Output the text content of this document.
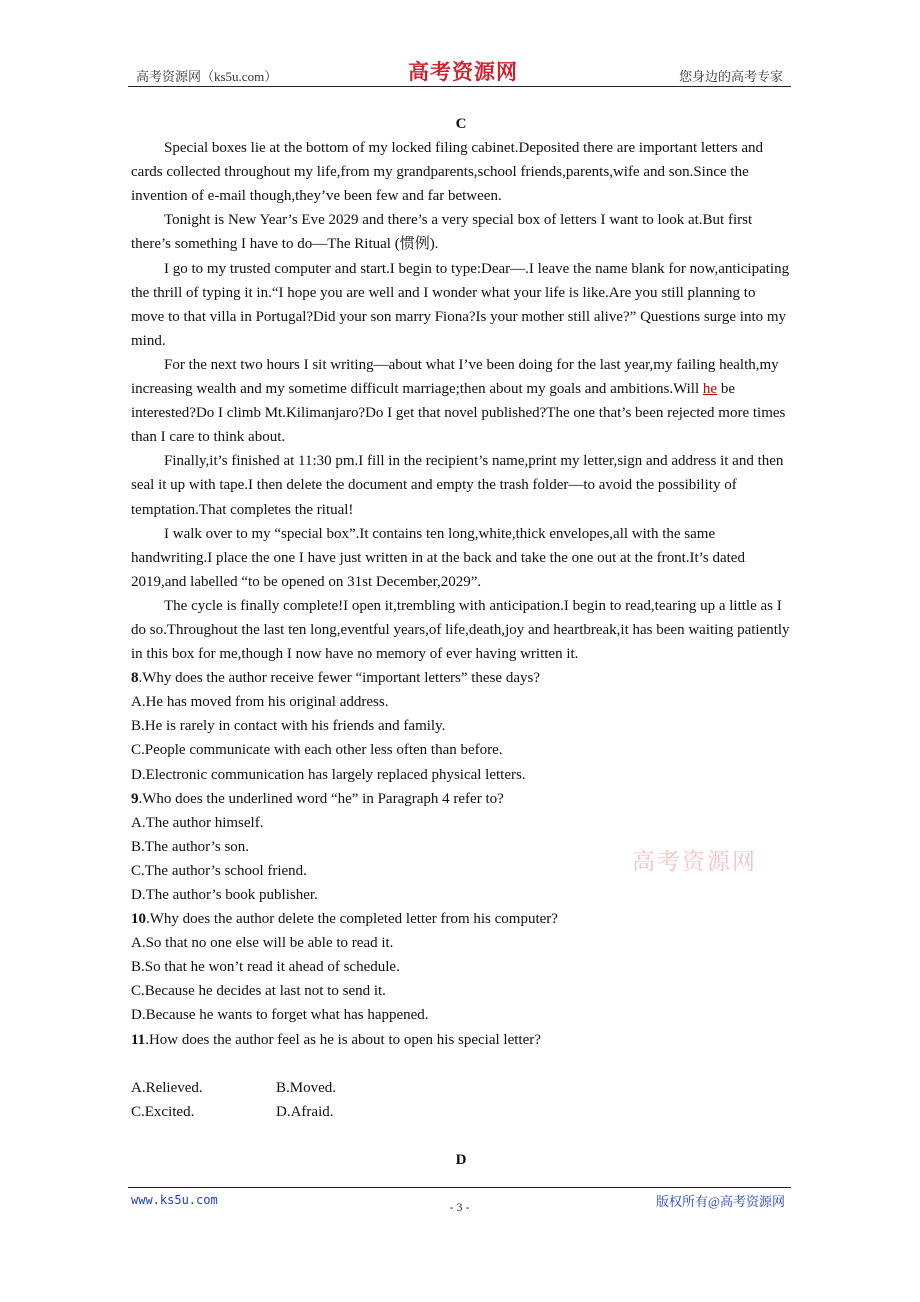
高考资源网（ks5u.com）	高考资源网	您身边的高考专家

C

Special boxes lie at the bottom of my locked filing cabinet.Deposited there are important letters and cards collected throughout my life,from my grandparents,school friends,parents,wife and son.Since the invention of e-mail though,they’ve been few and far between.

Tonight is New Year’s Eve 2029 and there’s a very special box of letters I want to look at.But first there’s something I have to do—The Ritual (惯例).

I go to my trusted computer and start.I begin to type:Dear—.I leave the name blank for now,anticipating the thrill of typing it in.“I hope you are well and I wonder what your life is like.Are you still planning to move to that villa in Portugal?Did your son marry Fiona?Is your mother still alive?” Questions surge into my mind.

For the next two hours I sit writing—about what I’ve been doing for the last year,my failing health,my increasing wealth and my sometime difficult marriage;then about my goals and ambitions.Will he be interested?Do I climb Mt.Kilimanjaro?Do I get that novel published?The one that’s been rejected more times than I care to think about.

Finally,it’s finished at 11:30 pm.I fill in the recipient’s name,print my letter,sign and address it and then seal it up with tape.I then delete the document and empty the trash folder—to avoid the possibility of temptation.That completes the ritual!

I walk over to my “special box”.It contains ten long,white,thick envelopes,all with the same handwriting.I place the one I have just written in at the back and take the one out at the front.It’s dated 2019,and labelled “to be opened on 31st December,2029”.

The cycle is finally complete!I open it,trembling with anticipation.I begin to read,tearing up a little as I do so.Throughout the last ten long,eventful years,of life,death,joy and heartbreak,it has been waiting patiently in this box for me,though I now have no memory of ever having written it.

8.Why does the author receive fewer “important letters” these days?

A.He has moved from his original address.

B.He is rarely in contact with his friends and family.

C.People communicate with each other less often than before.

D.Electronic communication has largely replaced physical letters.

9.Who does the underlined word “he” in Paragraph 4 refer to?

A.The author himself.

B.The author’s son.

C.The author’s school friend.

D.The author’s book publisher.

10.Why does the author delete the completed letter from his computer?

A.So that no one else will be able to read it.

B.So that he won’t read it ahead of schedule.

C.Because he decides at last not to send it.

D.Because he wants to forget what has happened.

11.How does the author feel as he is about to open his special letter?

A.Relieved.	B.Moved.
C.Excited.	D.Afraid.

D

高考资源网
www.ks5u.com	- 3 -	版权所有@高考资源网
